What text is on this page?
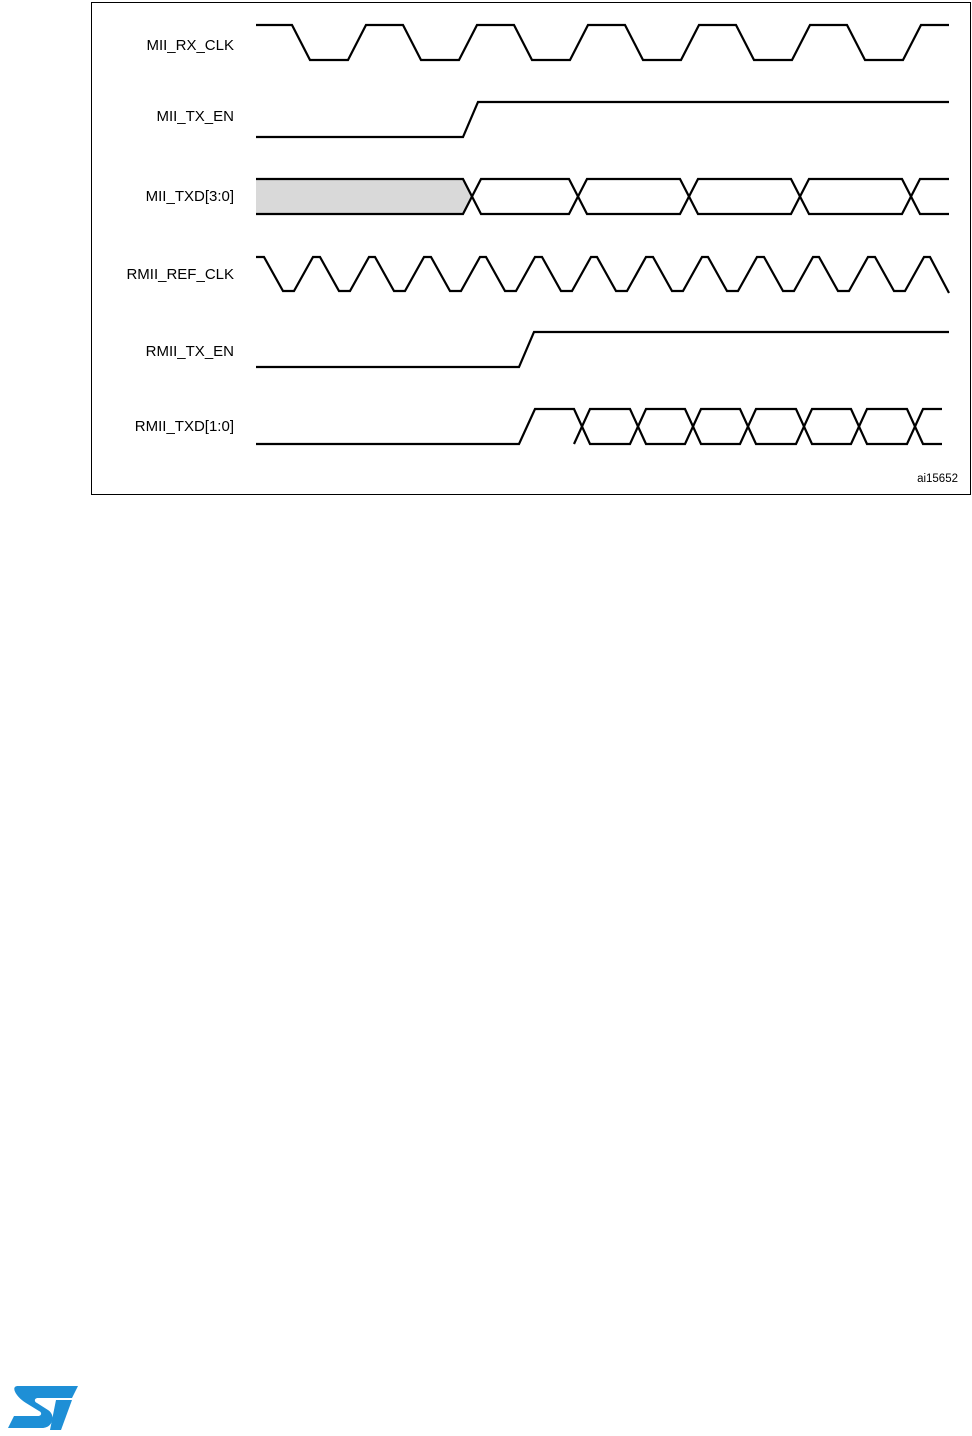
MII_RX_CLK
MII_TX_EN
MII_TXD[3:0]
RMII_REF_CLK
RMII_TX_EN
RMII_TXD[1:0]
ai15652
